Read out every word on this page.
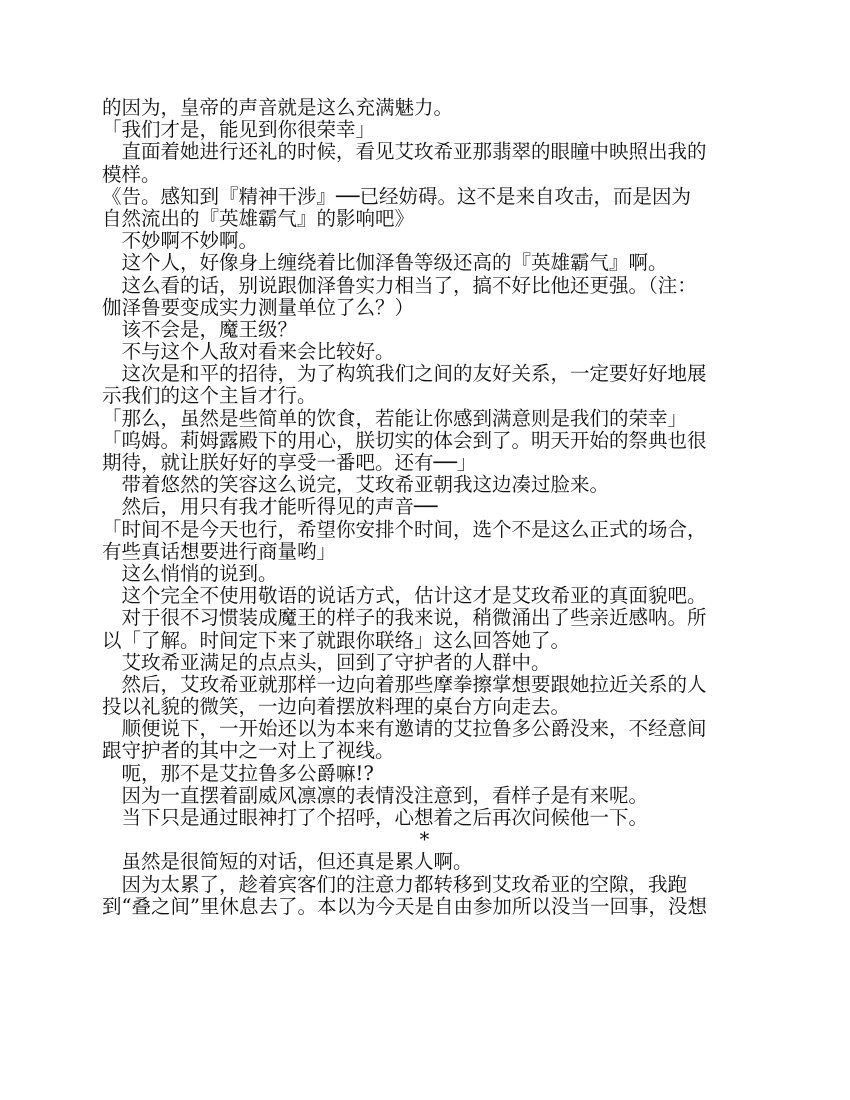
的因为，皇帝的声音就是这么充满魅力。
「我们才是，能见到你很荣幸」
　直面着她进行还礼的时候，看见艾玫希亚那翡翠的眼瞳中映照出我的
模样。
《告。感知到『精神干涉』──已经妨碍。这不是来自攻击，而是因为
自然流出的『英雄霸气』的影响吧》
　不妙啊不妙啊。
　这个人，好像身上缠绕着比伽泽鲁等级还高的『英雄霸气』啊。
　这么看的话，别说跟伽泽鲁实力相当了，搞不好比他还更强。（注：
伽泽鲁要变成实力测量单位了么？）
　该不会是，魔王级？
　不与这个人敌对看来会比较好。
　这次是和平的招待，为了构筑我们之间的友好关系，一定要好好地展
示我们的这个主旨才行。
「那么，虽然是些简单的饮食，若能让你感到满意则是我们的荣幸」
「呜姆。莉姆露殿下的用心，朕切实的体会到了。明天开始的祭典也很
期待，就让朕好好的享受一番吧。还有──」
　带着悠然的笑容这么说完，艾玫希亚朝我这边凑过脸来。
　然后，用只有我才能听得见的声音──
「时间不是今天也行，希望你安排个时间，选个不是这么正式的场合，
有些真话想要进行商量哟」
　这么悄悄的说到。
　这个完全不使用敬语的说话方式，估计这才是艾玫希亚的真面貌吧。
　对于很不习惯装成魔王的样子的我来说，稍微涌出了些亲近感呐。所
以「了解。时间定下来了就跟你联络」这么回答她了。
　艾玫希亚满足的点点头，回到了守护者的人群中。
　然后，艾玫希亚就那样一边向着那些摩拳擦掌想要跟她拉近关系的人
投以礼貌的微笑，一边向着摆放料理的桌台方向走去。
　顺便说下，一开始还以为本来有邀请的艾拉鲁多公爵没来，不经意间
跟守护者的其中之一对上了视线。
　呃，那不是艾拉鲁多公爵嘛!?
　因为一直摆着副威风凛凛的表情没注意到，看样子是有来呢。
　当下只是通过眼神打了个招呼，心想着之后再次问候他一下。
*
　虽然是很简短的对话，但还真是累人啊。
　因为太累了，趁着宾客们的注意力都转移到艾玫希亚的空隙，我跑
到“叠之间”里休息去了。本以为今天是自由参加所以没当一回事，没想
